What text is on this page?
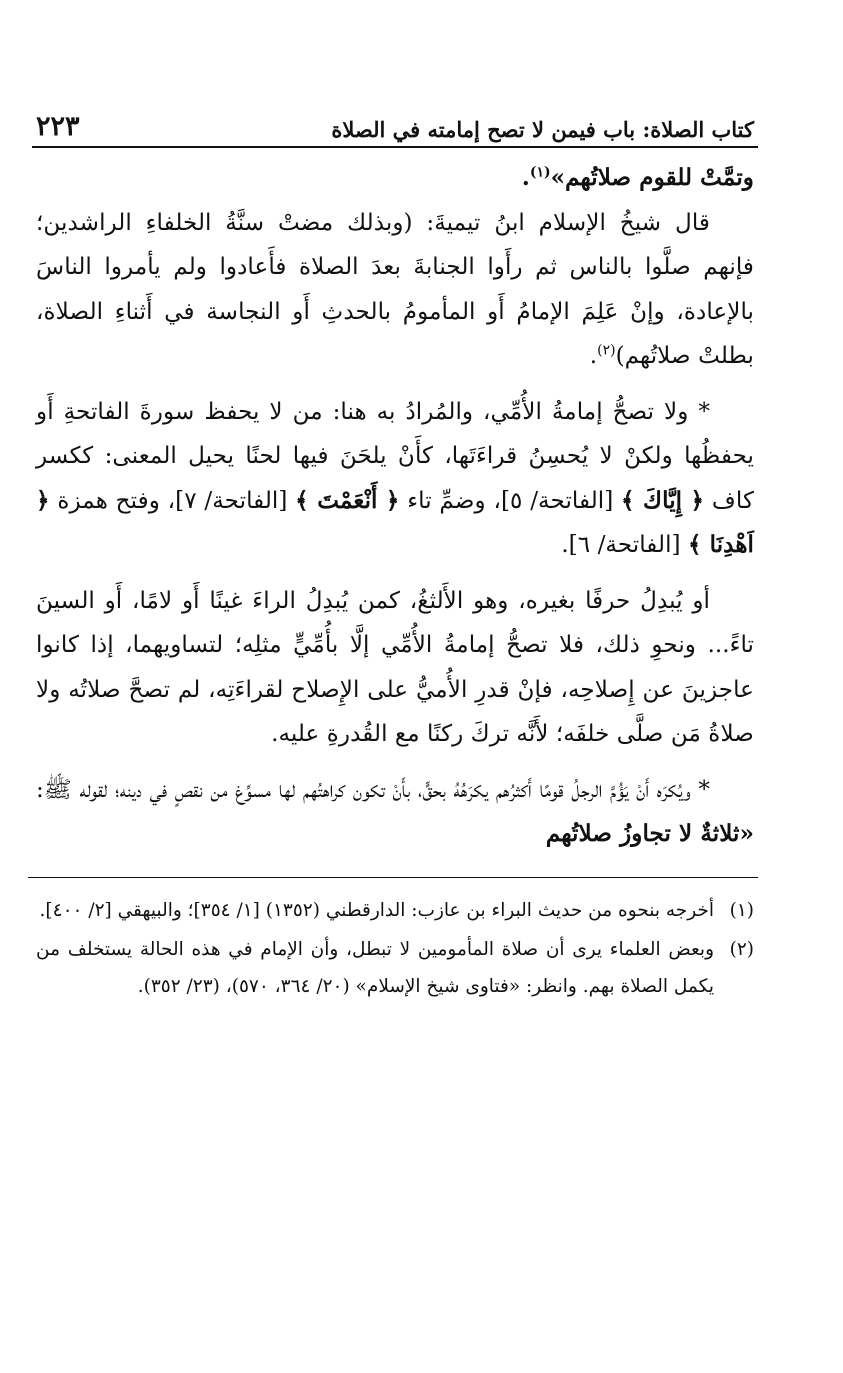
كتاب الصلاة: باب فيمن لا تصح إمامته في الصلاة
٢٢٣

وتمَّتْ للقوم صلاتُهم»$^{(١)}$.

قال شيخُ الإسلام ابنُ تيميةَ: (وبذلك مضتْ سنَّةُ الخلفاءِ الراشدين؛ فإنهم صلَّوا بالناس ثم رأَوا الجنابةَ بعدَ الصلاة فأَعادوا ولم يأمروا الناسَ بالإعادة، وإنْ عَلِمَ الإمامُ أَو المأمومُ بالحدثِ أَو النجاسة في أَثناءِ الصلاة، بطلتْ صلاتُهم)$^{(٢)}$.

* ولا تصحُّ إمامةُ الأُمِّي، والمُرادُ به هنا: من لا يحفظ سورةَ الفاتحةِ أَو يحفظُها ولكنْ لا يُحسِنُ قراءَتَها، كأَنْ يلحَنَ فيها لحنًا يحيل المعنى: ككسر كاف ﴿ إِيَّاكَ ﴾ [الفاتحة/ ٥]، وضمِّ تاء ﴿ أَنْعَمْتَ ﴾ [الفاتحة/ ٧]، وفتح همزة ﴿ اَهْدِنَا ﴾ [الفاتحة/ ٦].

أو يُبدِلُ حرفًا بغيره، وهو الأَلثغُ، كمن يُبدِلُ الراءَ غينًا أَو لامًا، أَو السينَ تاءً... ونحوِ ذلك، فلا تصحُّ إمامةُ الأُمِّي إلَّا بأُمِّيٍّ مثلِه؛ لتساويهما، إذا كانوا عاجزينَ عن إِصلاحِه، فإنْ قدرِ الأُميُّ على الإِصلاح لقراءَتِه، لم تصحَّ صلاتُه ولا صلاةُ مَن صلَّى خلفَه؛ لأَنَّه تركَ ركنًا مع القُدرةِ عليه.

* ويُكرَه أَنْ يَؤُمَّ الرجلُ قومًا أَكثرُهم يكرَهُهُ بحقٍّ، بأَنْ تكون كراهتُهم لها مسوِّغ من نقصٍ في دينه؛ لقوله ﷺ: «ثلاثةٌ لا تجاوزُ صلاتُهم

(١)
أخرجه بنحوه من حديث البراء بن عازب: الدارقطني (١٣٥٢) [١/ ٣٥٤]؛ والبيهقي [٢/ ٤٠٠].
(٢)
وبعض العلماء يرى أن صلاة المأمومين لا تبطل، وأن الإمام في هذه الحالة يستخلف من يكمل الصلاة بهم. وانظر: «فتاوى شيخ الإسلام» (٢٠/ ٣٦٤، ٥٧٠)، (٢٣/ ٣٥٢).
